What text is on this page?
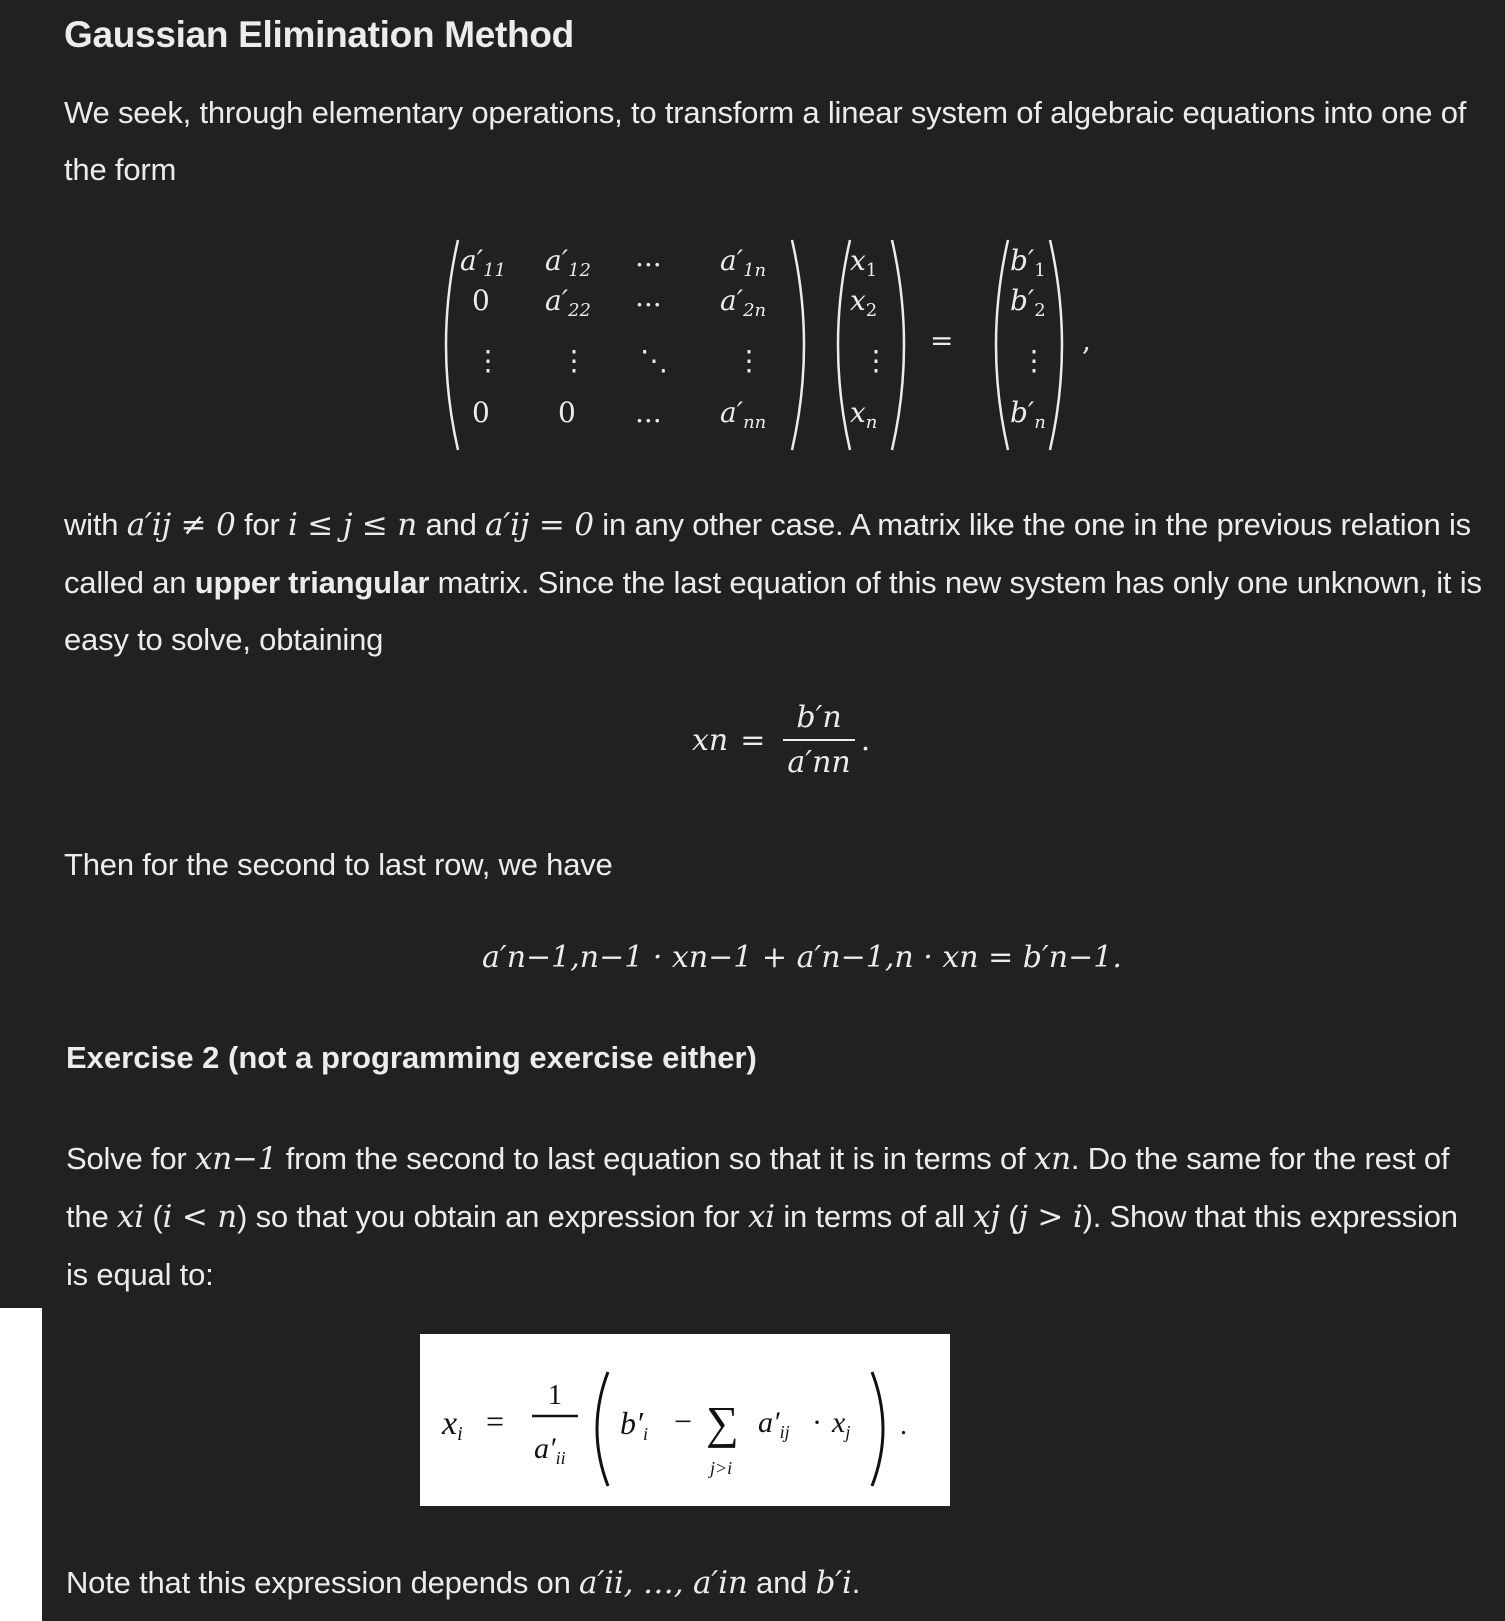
Gaussian Elimination Method
We seek, through elementary operations, to transform a linear system of algebraic equations into one of the form
$a'_{11}$ $a'_{12}$ ... $a'_{1n}$
0 $a'_{22}$ ... $a'_{2n}$
⋮ ⋮ ⋱ ⋮
0 0 ... $a'_{nn}$
$x_1$
$x_2$
⋮
$x_n$
=
$b'_1$
$b'_2$
⋮
$b'_n$
,
with a′ij ≠ 0 for i ≤ j ≤ n and a′ij = 0 in any other case. A matrix like the one in the previous relation is called an upper triangular matrix. Since the last equation of this new system has only one unknown, it is easy to solve, obtaining
xn = $\frac{b'n}{a'nn}$ .
Then for the second to last row, we have
a′n−1,n−1 · xn−1 + a′n−1,n · xn = b′n−1.
Exercise 2 (not a programming exercise either)
Solve for xn−1 from the second to last equation so that it is in terms of xn. Do the same for the rest of the xi (i < n) so that you obtain an expression for xi in terms of all xj (j > i). Show that this expression is equal to:
xi =
1
$a'_{ii}$
b′i − ∑
j>i
$a'_{ij} \cdot x_j$ .
Note that this expression depends on a′ii, …, a′in and b′i.
